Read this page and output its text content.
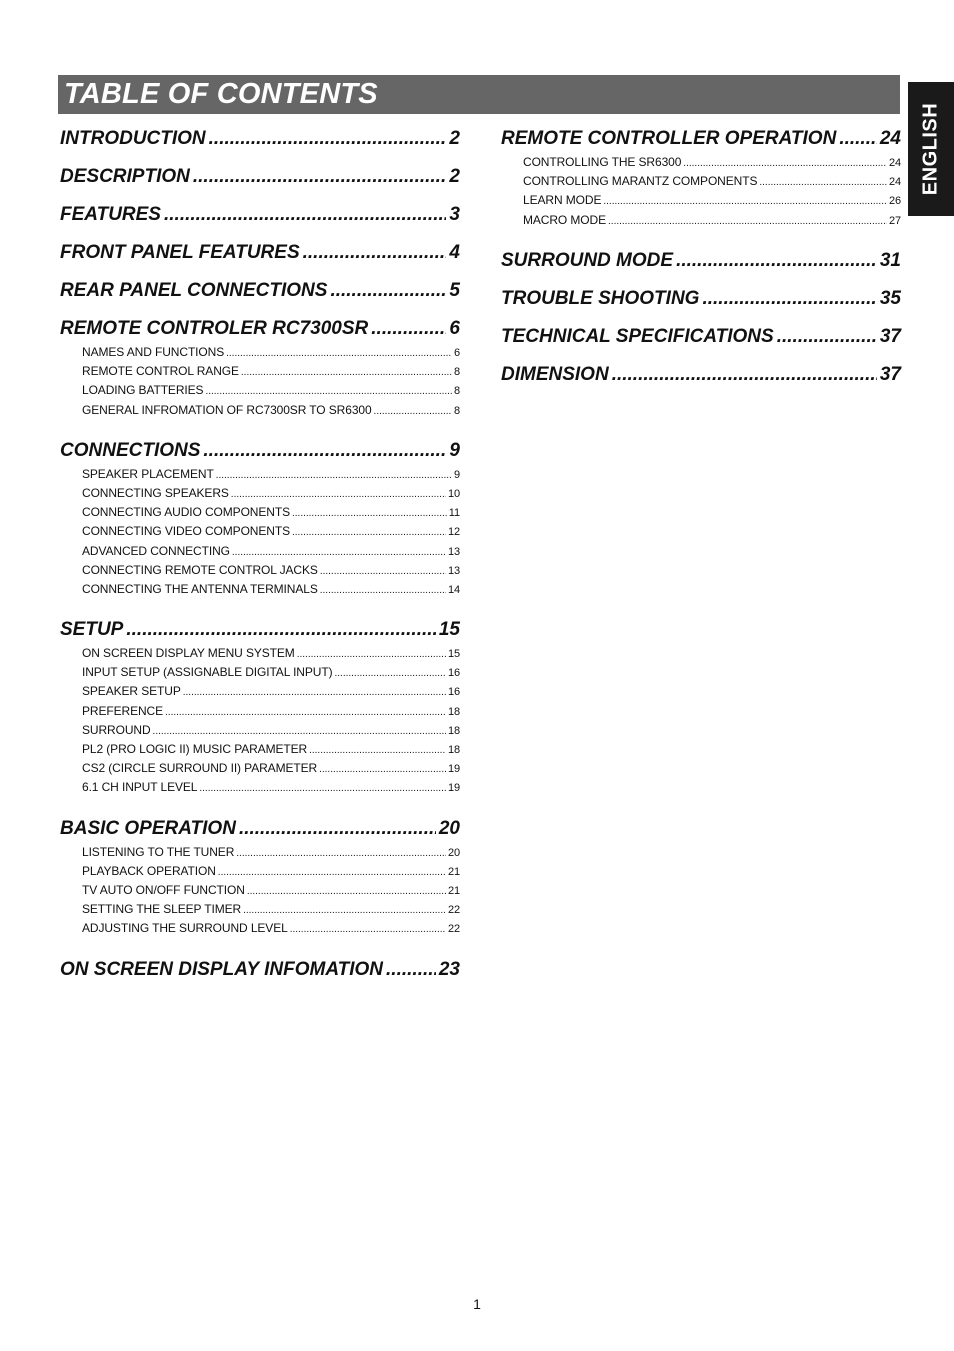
TABLE OF CONTENTS
ENGLISH
INTRODUCTION .....	2
DESCRIPTION .....	2
FEATURES .....	3
FRONT PANEL FEATURES .....	4
REAR PANEL CONNECTIONS .....	5
REMOTE CONTROLER RC7300SR .....	6
NAMES AND FUNCTIONS .....	6
REMOTE CONTROL RANGE .....	8
LOADING BATTERIES .....	8
GENERAL INFROMATION OF RC7300SR TO SR6300 .....	8
CONNECTIONS .....	9
SPEAKER PLACEMENT .....	9
CONNECTING SPEAKERS .....	10
CONNECTING AUDIO COMPONENTS .....	11
CONNECTING VIDEO COMPONENTS .....	12
ADVANCED CONNECTING .....	13
CONNECTING REMOTE CONTROL JACKS .....	13
CONNECTING THE ANTENNA TERMINALS .....	14
SETUP .....	15
ON SCREEN DISPLAY MENU SYSTEM .....	15
INPUT SETUP (ASSIGNABLE DIGITAL INPUT) .....	16
SPEAKER SETUP .....	16
PREFERENCE .....	18
SURROUND .....	18
PL2 (PRO LOGIC II) MUSIC PARAMETER .....	18
CS2 (CIRCLE SURROUND II) PARAMETER .....	19
6.1 CH INPUT LEVEL .....	19
BASIC OPERATION .....	20
LISTENING TO THE TUNER .....	20
PLAYBACK OPERATION .....	21
TV AUTO ON/OFF FUNCTION .....	21
SETTING THE SLEEP TIMER .....	22
ADJUSTING THE SURROUND LEVEL .....	22
ON SCREEN DISPLAY INFOMATION .....	23
REMOTE CONTROLLER OPERATION ..... 24
CONTROLLING THE SR6300 .....	24
CONTROLLING MARANTZ COMPONENTS .....	24
LEARN MODE .....	26
MACRO MODE .....	27
SURROUND MODE .....	31
TROUBLE SHOOTING .....	35
TECHNICAL SPECIFICATIONS .....	37
DIMENSION .....	37
1
